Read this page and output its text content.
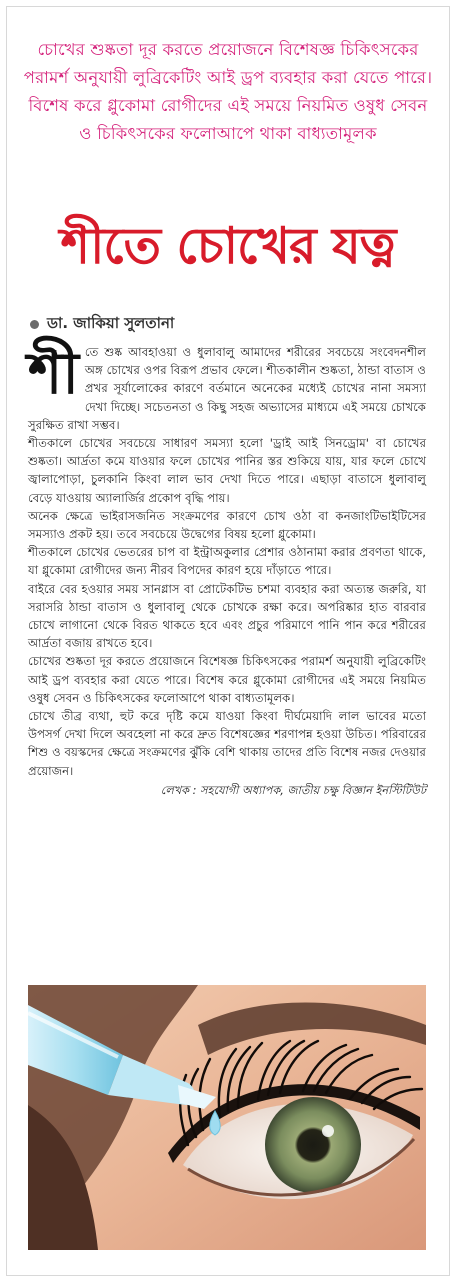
চোখের শুষ্কতা দূর করতে প্রয়োজনে বিশেষজ্ঞ চিকিৎসকের পরামর্শ অনুযায়ী লুব্রিকেটিং আই ড্রপ ব্যবহার করা যেতে পারে। বিশেষ করে গ্লুকোমা রোগীদের এই সময়ে নিয়মিত ওষুধ সেবন ও চিকিৎসকের ফলোআপে থাকা বাধ্যতামূলক
শীতে চোখের যত্ন
ডা. জাকিয়া সুলতানা

শীতে শুষ্ক আবহাওয়া ও ধুলাবালু আমাদের শরীরের সবচেয়ে সংবেদনশীল অঙ্গ চোখের ওপর বিরূপ প্রভাব ফেলে। শীতকালীন শুষ্কতা, ঠান্ডা বাতাস ও প্রখর সূর্যালোকের কারণে বর্তমানে অনেকের মধ্যেই চোখের নানা সমস্যা দেখা দিচ্ছে। সচেতনতা ও কিছু সহজ অভ্যাসের মাধ্যমে এই সময়ে চোখকে সুরক্ষিত রাখা সম্ভব।

শীতকালে চোখের সবচেয়ে সাধারণ সমস্যা হলো 'ড্রাই আই সিনড্রোম' বা চোখের শুষ্কতা। আর্দ্রতা কমে যাওয়ার ফলে চোখের পানির স্তর শুকিয়ে যায়, যার ফলে চোখে জ্বালাপোড়া, চুলকানি কিংবা লাল ভাব দেখা দিতে পারে। এছাড়া বাতাসে ধুলাবালু বেড়ে যাওয়ায় অ্যালার্জির প্রকোপ বৃদ্ধি পায়।

অনেক ক্ষেত্রে ভাইরাসজনিত সংক্রমণের কারণে চোখ ওঠা বা কনজাংটিভাইটিসের সমস্যাও প্রকট হয়। তবে সবচেয়ে উদ্বেগের বিষয় হলো গ্লুকোমা।

শীতকালে চোখের ভেতরের চাপ বা ইন্ট্রাঅকুলার প্রেশার ওঠানামা করার প্রবণতা থাকে, যা গ্লুকোমা রোগীদের জন্য নীরব বিপদের কারণ হয়ে দাঁড়াতে পারে।

বাইরে বের হওয়ার সময় সানগ্লাস বা প্রোটেকটিভ চশমা ব্যবহার করা অত্যন্ত জরুরি, যা সরাসরি ঠান্ডা বাতাস ও ধুলাবালু থেকে চোখকে রক্ষা করে। অপরিষ্কার হাত বারবার চোখে লাগানো থেকে বিরত থাকতে হবে এবং প্রচুর পরিমাণে পানি পান করে শরীরের আর্দ্রতা বজায় রাখতে হবে।

চোখের শুষ্কতা দূর করতে প্রয়োজনে বিশেষজ্ঞ চিকিৎসকের পরামর্শ অনুযায়ী লুব্রিকেটিং আই ড্রপ ব্যবহার করা যেতে পারে। বিশেষ করে গ্লুকোমা রোগীদের এই সময়ে নিয়মিত ওষুধ সেবন ও চিকিৎসকের ফলোআপে থাকা বাধ্যতামূলক।

চোখে তীব্র ব্যথা, হুট করে দৃষ্টি কমে যাওয়া কিংবা দীর্ঘমেয়াদি লাল ভাবের মতো উপসর্গ দেখা দিলে অবহেলা না করে দ্রুত বিশেষজ্ঞের শরণাপন্ন হওয়া উচিত। পরিবারের শিশু ও বয়স্কদের ক্ষেত্রে সংক্রমণের ঝুঁকি বেশি থাকায় তাদের প্রতি বিশেষ নজর দেওয়ার প্রয়োজন।

লেখক : সহযোগী অধ্যাপক, জাতীয় চক্ষু বিজ্ঞান ইনস্টিটিউট
